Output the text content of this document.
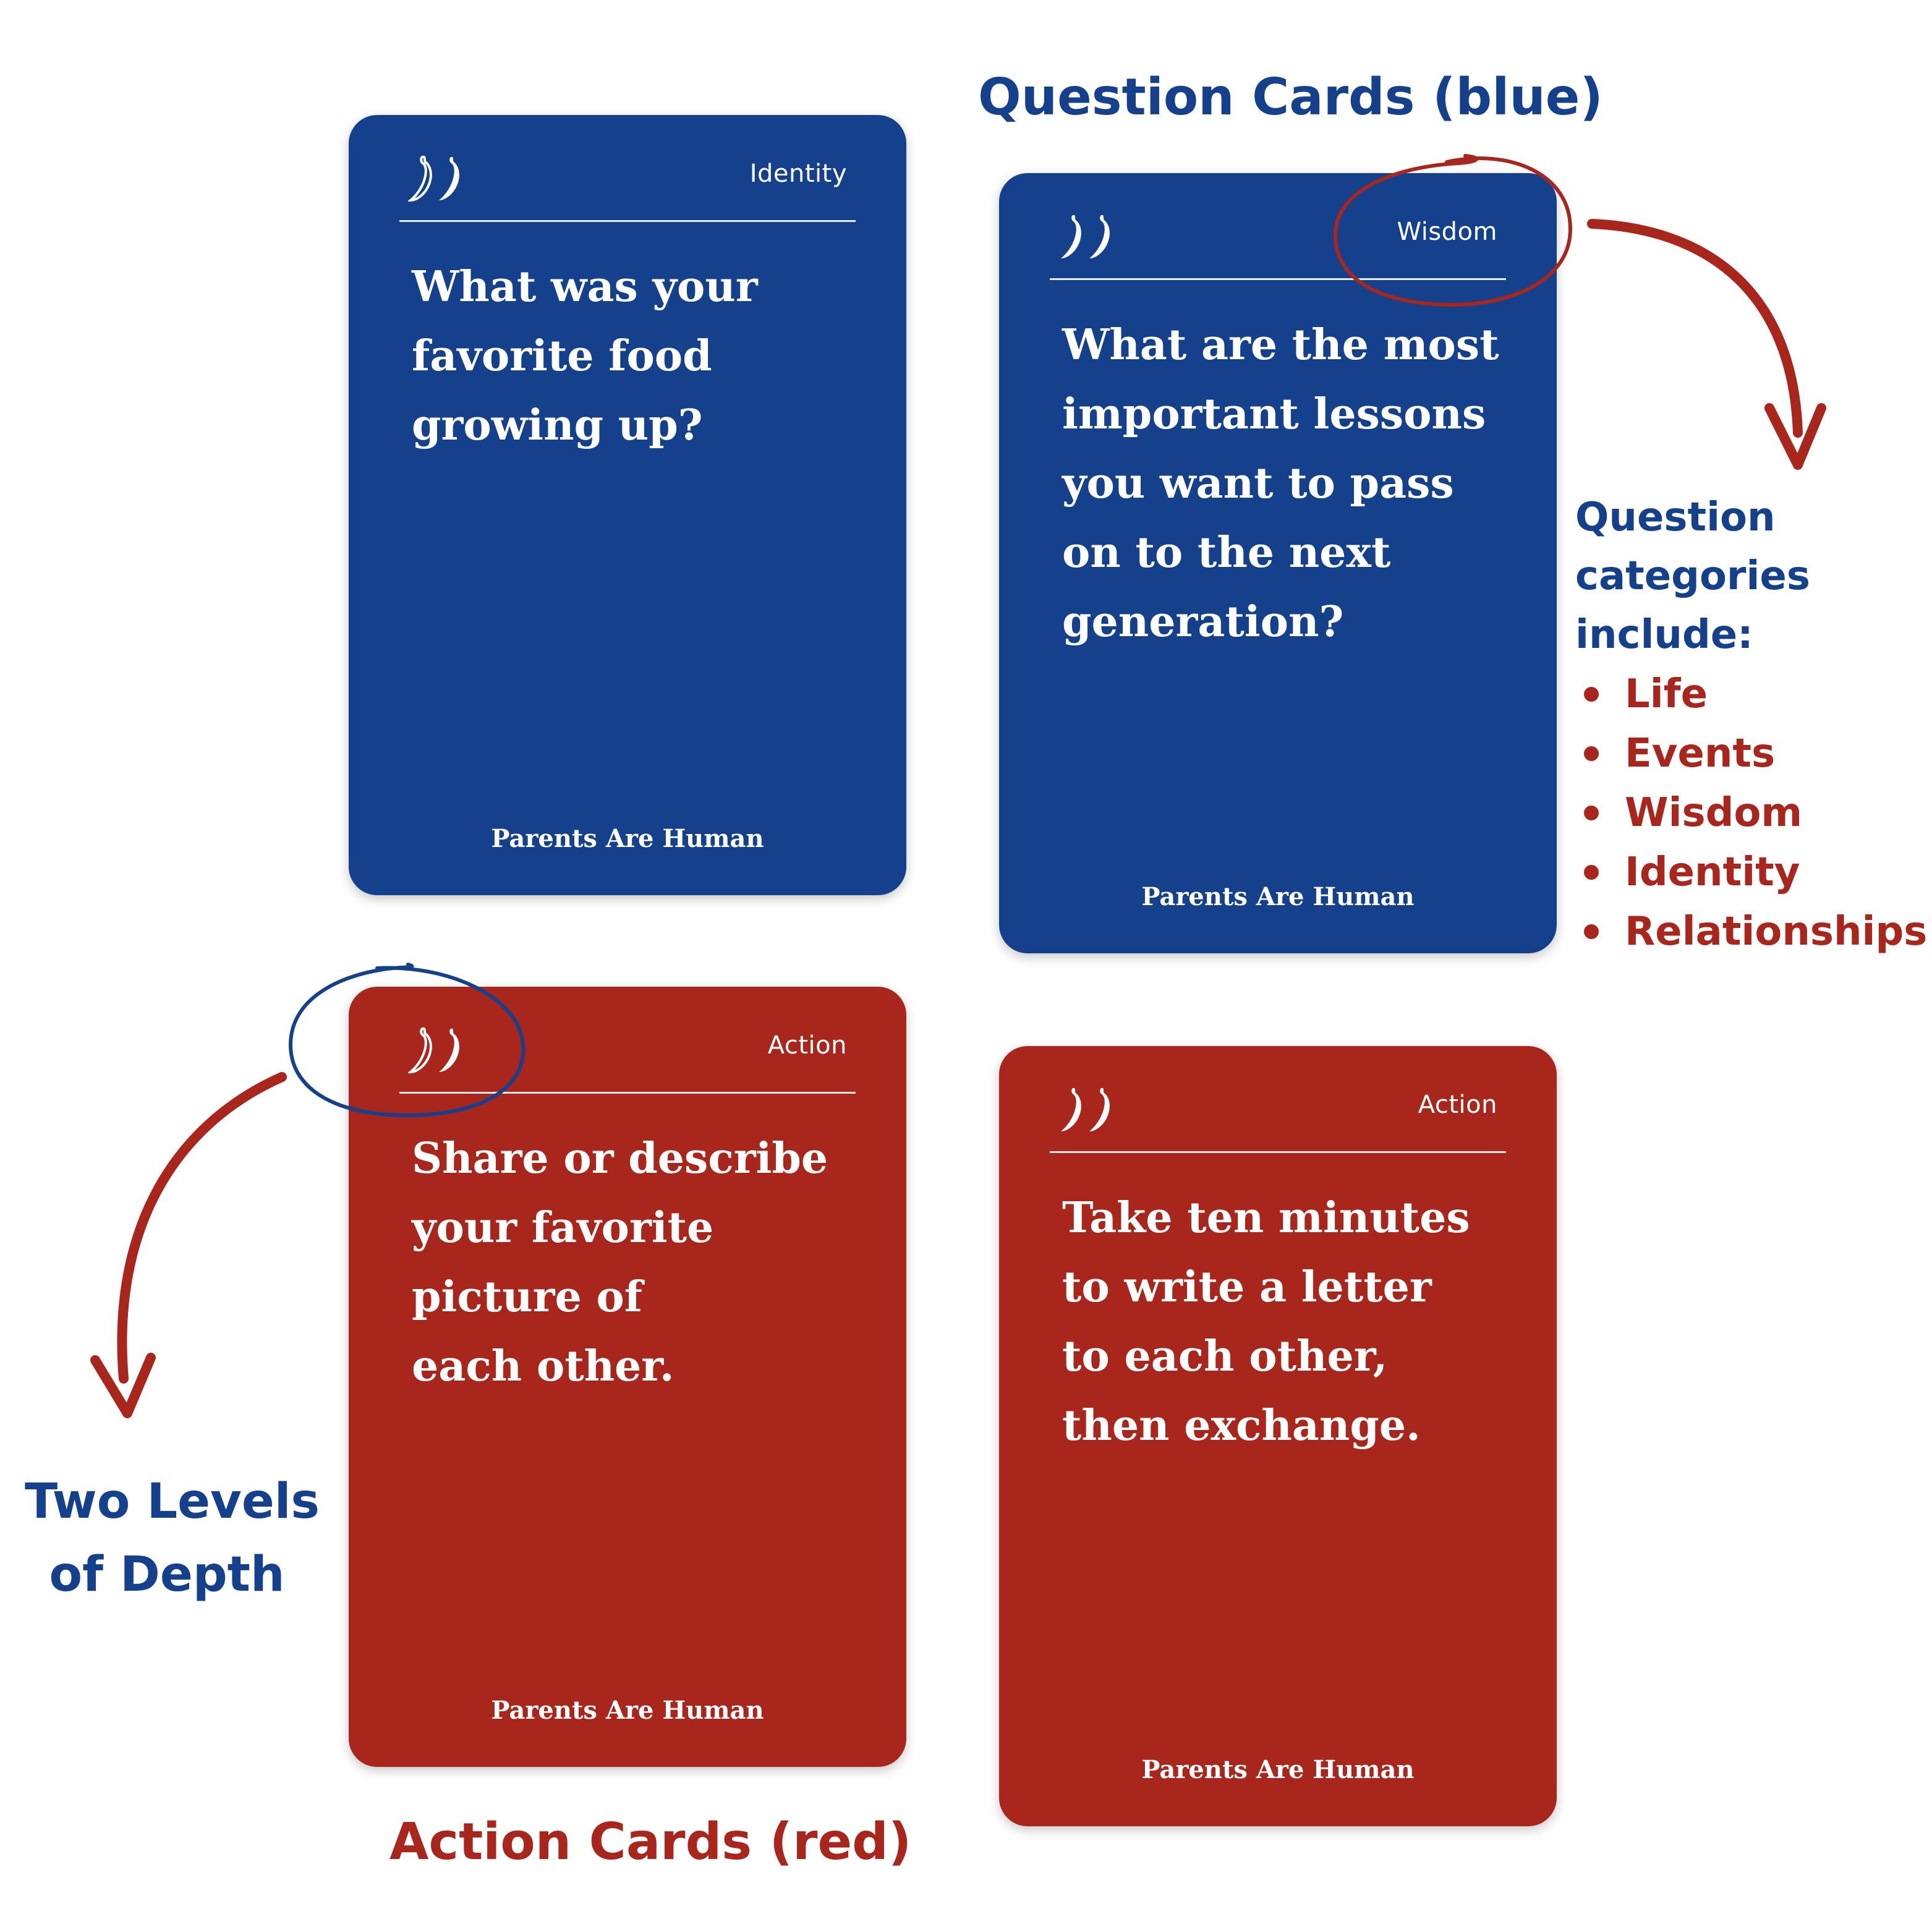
Question Cards (blue)
Identity
What was your
favorite food
growing up?
Parents Are Human
Wisdom
What are the most
important lessons
you want to pass
on to the next
generation?
Parents Are Human
Action
Share or describe
your favorite
picture of
each other.
Parents Are Human
Action
Take ten minutes
to write a letter
to each other,
then exchange.
Parents Are Human
Question
categories
include:
Life
Events
Wisdom
Identity
Relationships
Two Levels
of Depth
Action Cards (red)
